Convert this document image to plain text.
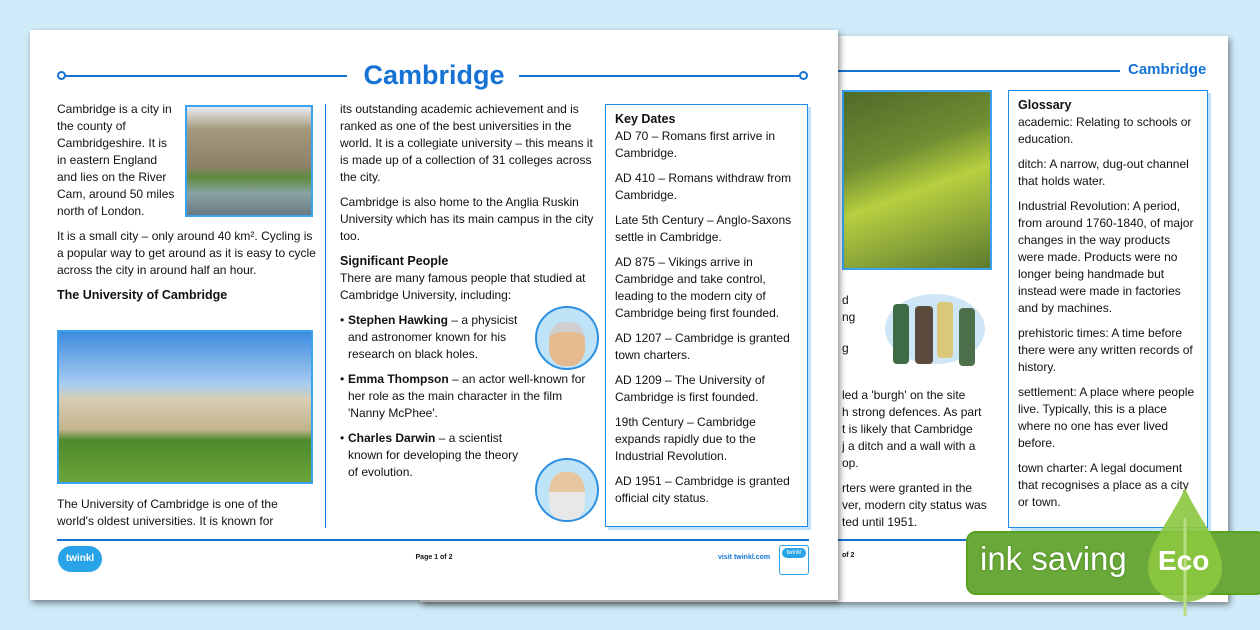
Cambridge
d
ng
g
led a 'burgh' on the site
h strong defences. As part
t is likely that Cambridge
j a ditch and a wall with a
op.
rters were granted in the
ver, modern city status was
ted until 1951.
Glossary

academic: Relating to schools or education.

ditch: A narrow, dug-out channel that holds water.

Industrial Revolution: A period, from around 1760-1840, of major changes in the way products were made. Products were no longer being handmade but instead were made in factories and by machines.

prehistoric times: A time before there were any written records of history.

settlement: A place where people live. Typically, this is a place where no one has ever lived before.

town charter: A legal document that recognises a place as a city or town.

of 2
Cambridge

Cambridge is a city in the county of Cambridgeshire. It is in eastern England and lies on the River Cam, around 50 miles north of London.

It is a small city – only around 40 km². Cycling is a popular way to get around as it is easy to cycle across the city in around half an hour.

The University of Cambridge
The University of Cambridge is one of the world's oldest universities. It is known for

its outstanding academic achievement and is ranked as one of the best universities in the world. It is a collegiate university – this means it is made up of a collection of 31 colleges across the city.

Cambridge is also home to the Anglia Ruskin University which has its main campus in the city too.

Significant People

There are many famous people that studied at Cambridge University, including:

• Stephen Hawking – a physicist and astronomer known for his research on black holes.
• Emma Thompson – an actor well-known for her role as the main character in the film 'Nanny McPhee'.
• Charles Darwin – a scientist known for developing the theory of evolution.
Key Dates

AD 70 – Romans first arrive in Cambridge.

AD 410 – Romans withdraw from Cambridge.

Late 5th Century – Anglo-Saxons settle in Cambridge.

AD 875 – Vikings arrive in Cambridge and take control, leading to the modern city of Cambridge being first founded.

AD 1207 – Cambridge is granted town charters.

AD 1209 – The University of Cambridge is first founded.

19th Century – Cambridge expands rapidly due to the Industrial Revolution.

AD 1951 – Cambridge is granted official city status.

twinkl	Page 1 of 2	visit twinkl.com
twinkl	ink saving Eco
